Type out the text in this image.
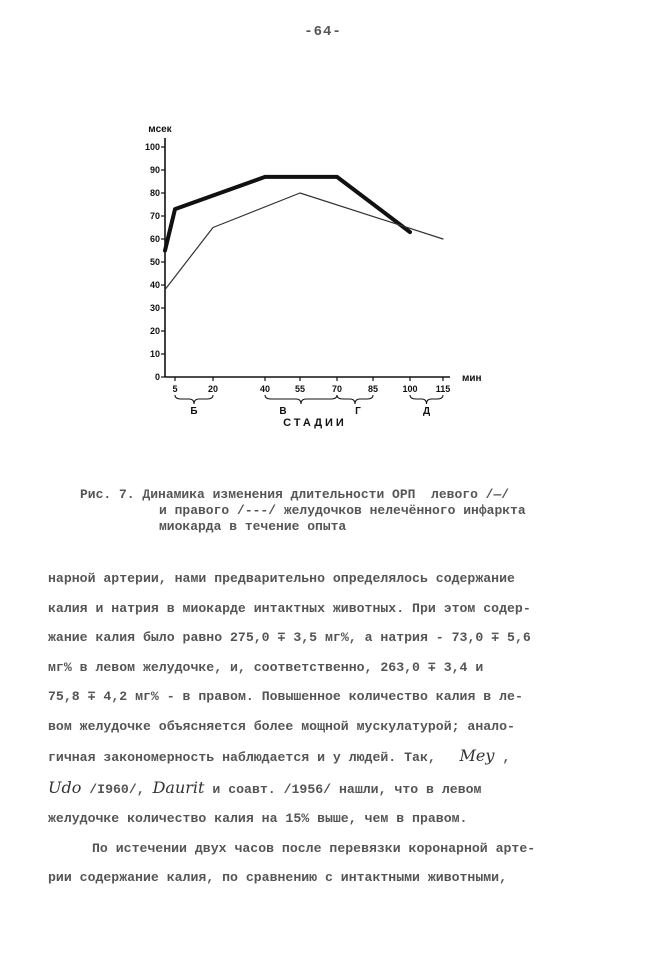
-64-
мсек
мин
0
10
20
30
40
50
60
70
80
90
100
5	20	40	55	70	85	100 115
Б	В	Г	Д
СТАДИИ
Рис. 7. Динамика изменения длительности ОРП  левого /—/
и правого /---/ желудочков нелечённого инфаркта
миокарда в течение опыта
нарной артерии, нами предварительно определялось содержание
калия и натрия в миокарде интактных животных. При этом содер-
жание калия было равно 275,0 ∓ 3,5 мг%, а натрия - 73,0 ∓ 5,6
мг% в левом желудочке, и, соответственно, 263,0 ∓ 3,4 и
75,8 ∓ 4,2 мг% - в правом. Повышенное количество калия в ле-
вом желудочке объясняется более мощной мускулатурой; анало-
гичная закономерность наблюдается и у людей. Так, Mey ,
Udo /I960/, Daurit и соавт. /1956/ нашли, что в левом
желудочке количество калия на 15% выше, чем в правом.
По истечении двух часов после перевязки коронарной арте-
рии содержание калия, по сравнению с интактными животными,
